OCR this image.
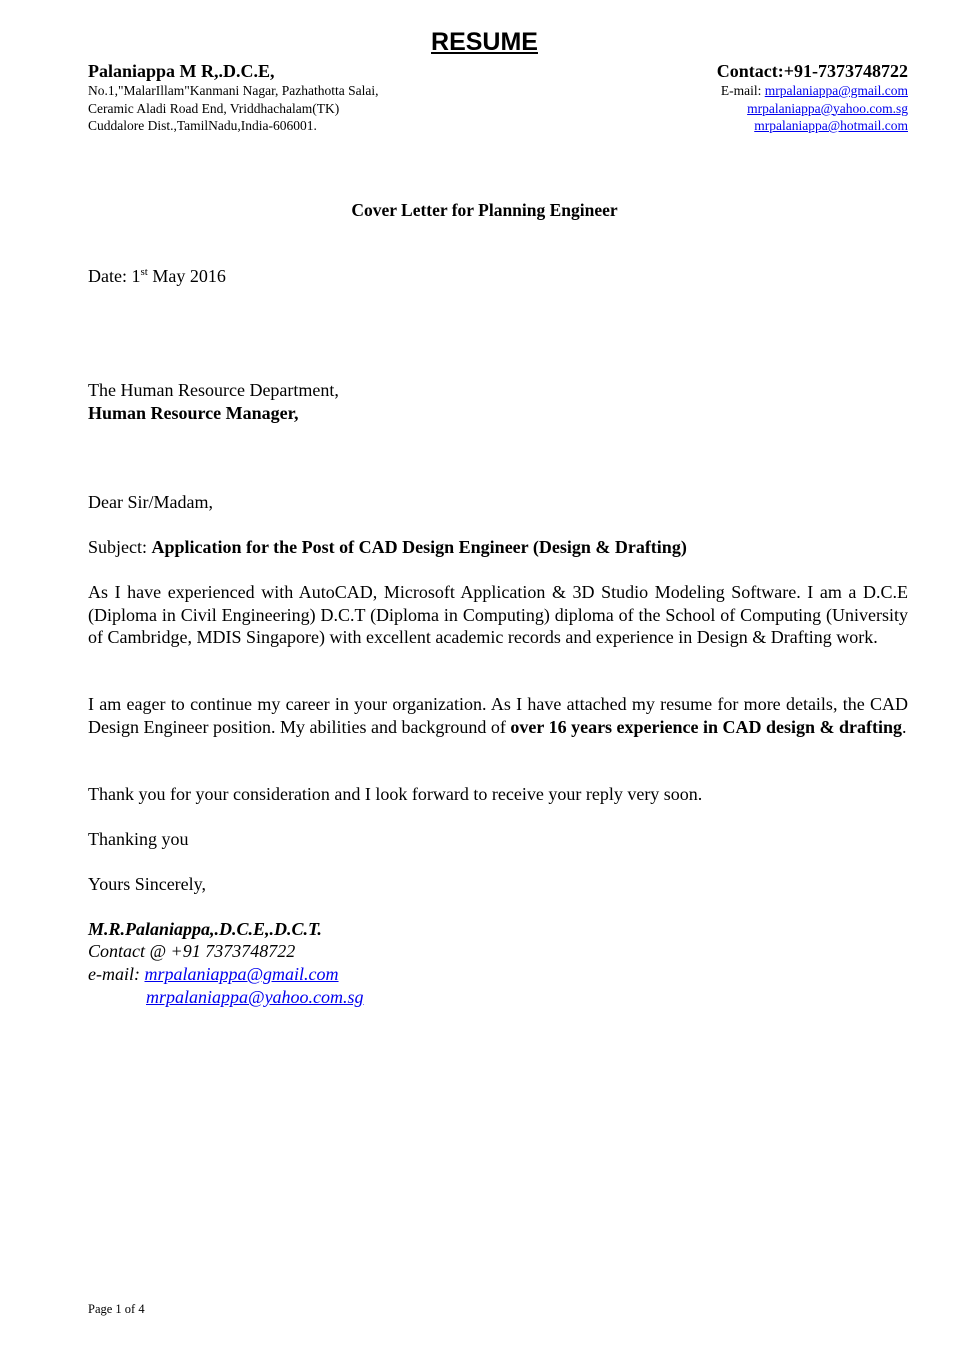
RESUME
Palaniappa M R,.D.C.E,
No.1,"MalarIllam"Kanmani Nagar, Pazhathotta Salai,
Ceramic Aladi Road End, Vriddhachalam(TK)
Cuddalore Dist.,TamilNadu,India-606001.
Contact:+91-7373748722
E-mail: mrpalaniappa@gmail.com
mrpalaniappa@yahoo.com.sg
mrpalaniappa@hotmail.com
Cover Letter for Planning Engineer
Date: 1st May 2016
The Human Resource Department,
Human Resource Manager,
Dear Sir/Madam,
Subject: Application for the Post of CAD Design Engineer (Design & Drafting)
As I have experienced with AutoCAD, Microsoft Application & 3D Studio Modeling Software. I am a D.C.E (Diploma in Civil Engineering) D.C.T (Diploma in Computing) diploma of the School of Computing (University of Cambridge, MDIS Singapore) with excellent academic records and experience in Design & Drafting work.
I am eager to continue my career in your organization. As I have attached my resume for more details, the CAD Design Engineer position. My abilities and background of over 16 years experience in CAD design & drafting.
Thank you for your consideration and I look forward to receive your reply very soon.
Thanking you
Yours Sincerely,
M.R.Palaniappa,.D.C.E,.D.C.T.
Contact @ +91 7373748722
e-mail: mrpalaniappa@gmail.com
mrpalaniappa@yahoo.com.sg
Page 1 of 4
